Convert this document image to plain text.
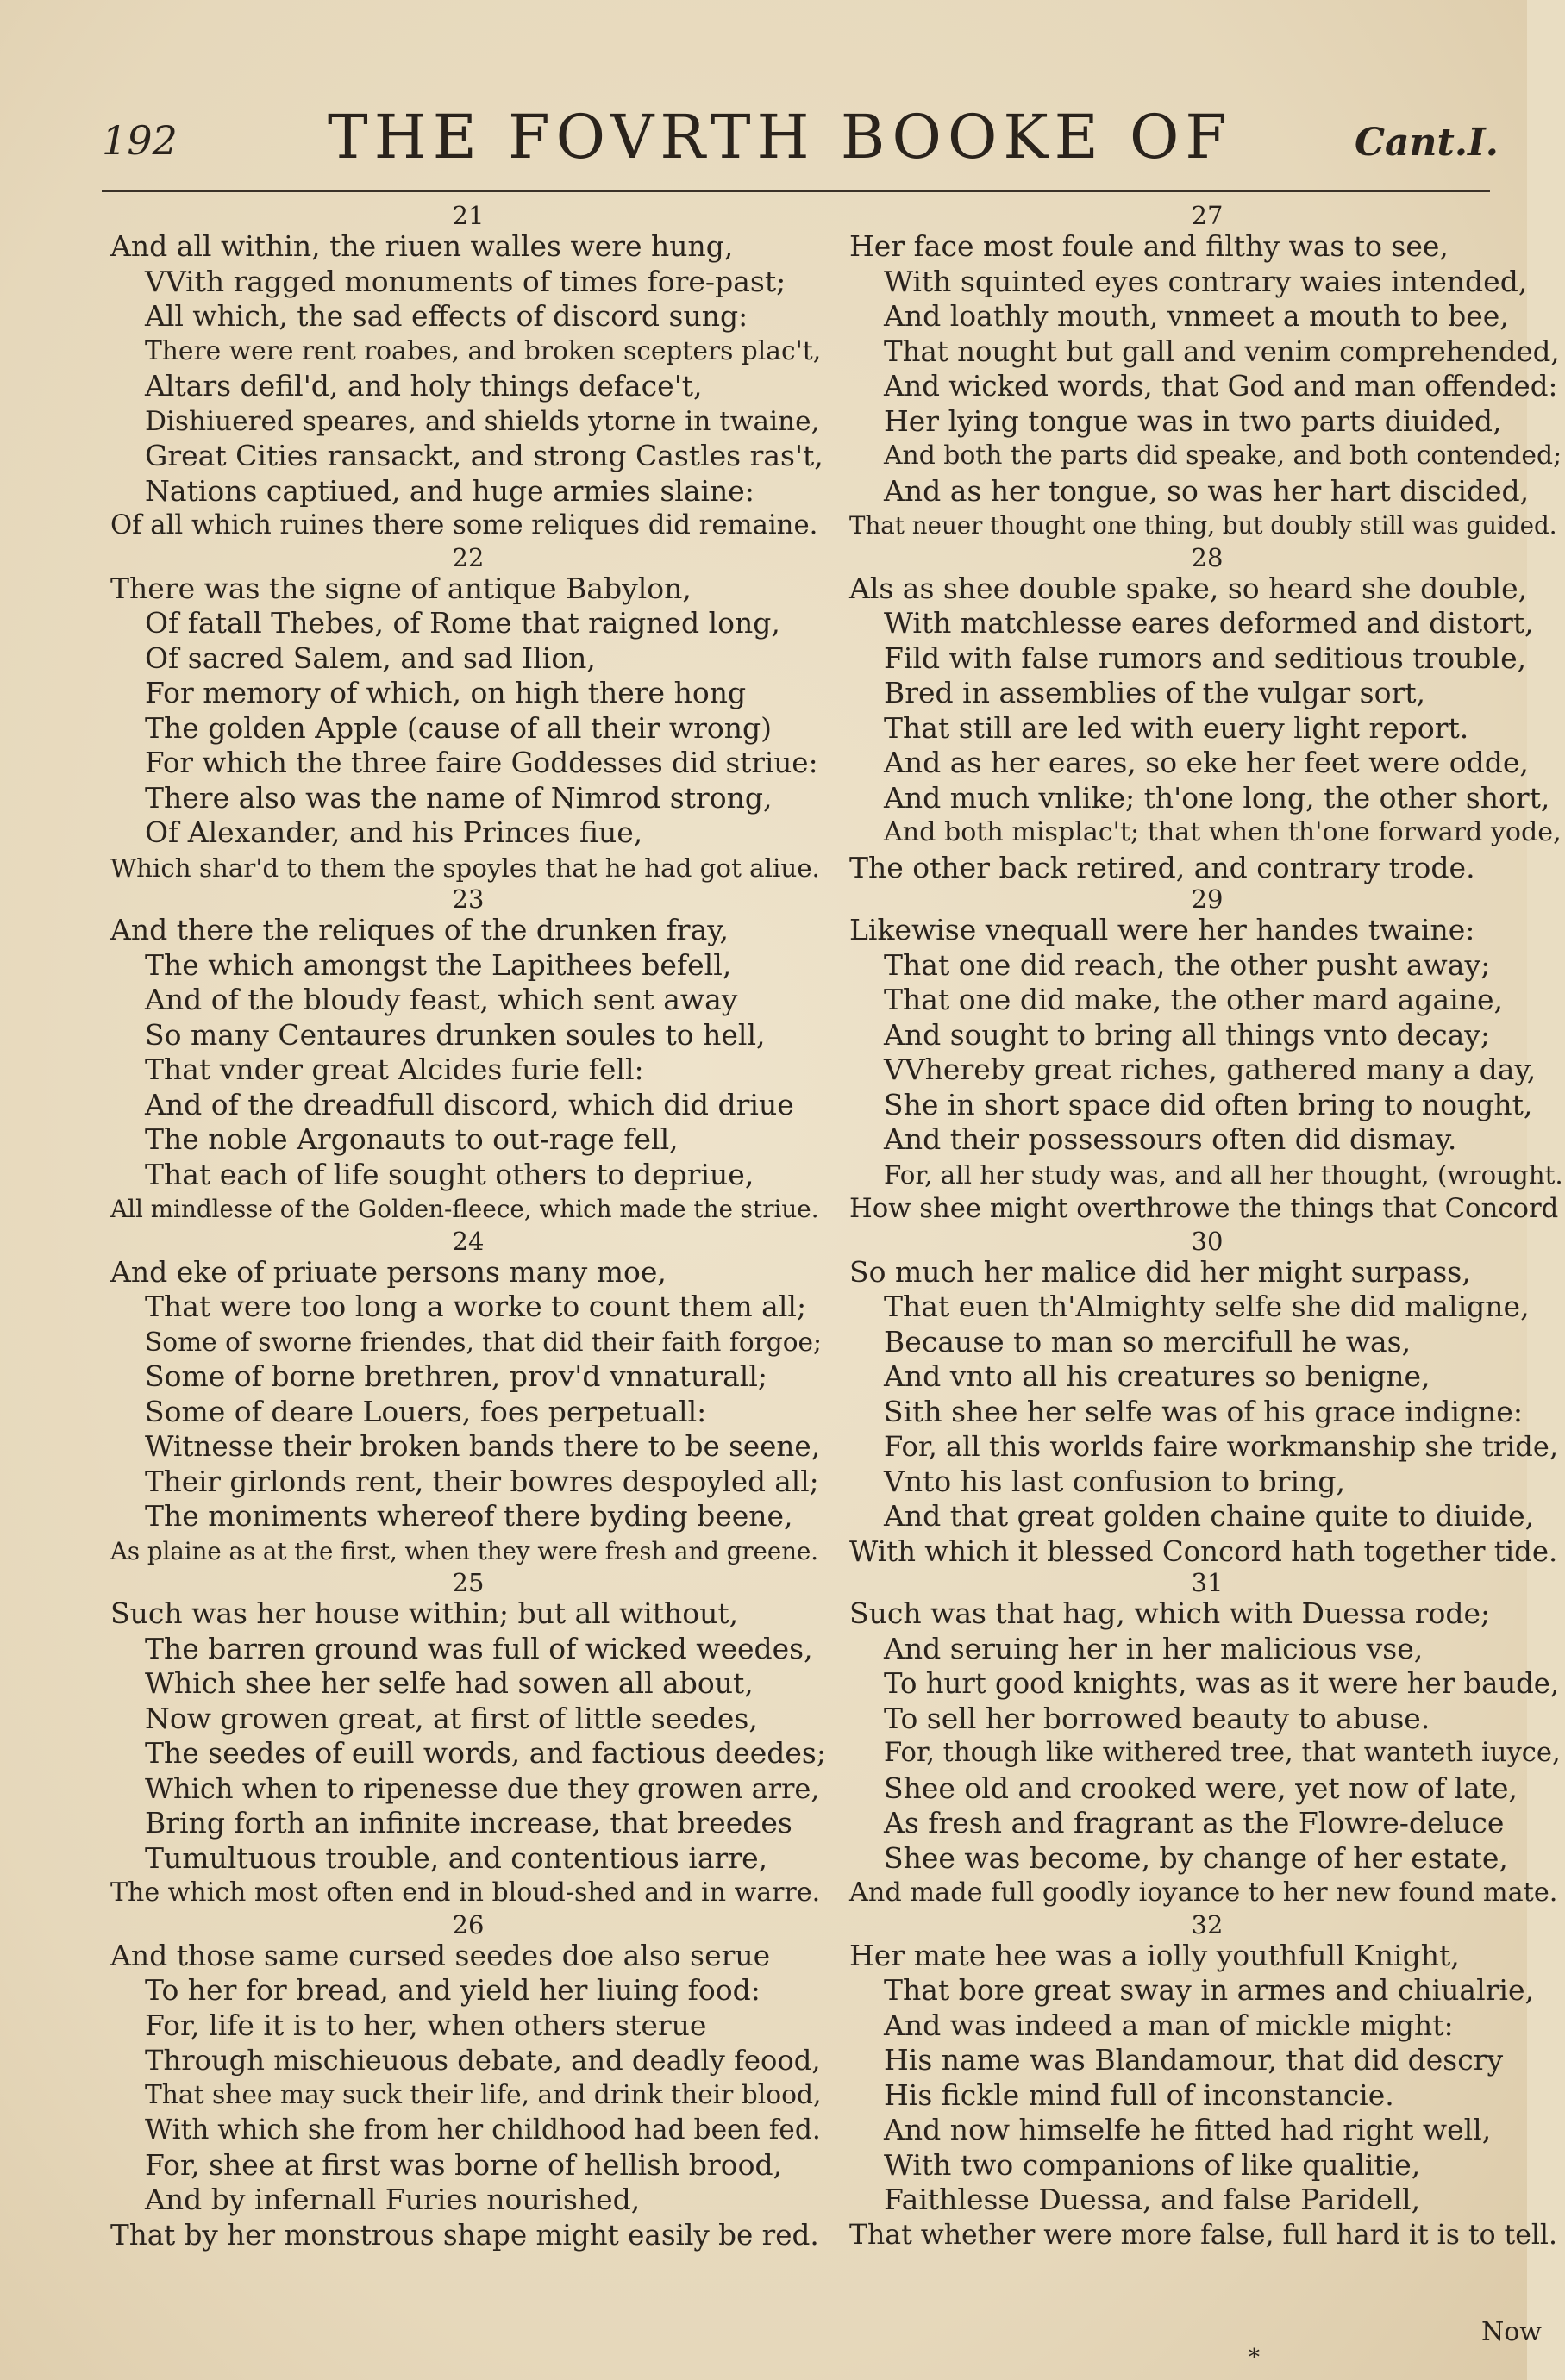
192 THE FOVRTH BOOKE OF	Cant.I.
21
And all within, the riuen walles were hung,
VVith ragged monuments of times fore-past;
All which, the sad effects of discord sung:
There were rent roabes, and broken scepters plac't,
Altars defil'd, and holy things deface't,
Dishiuered speares, and shields ytorne in twaine,
Great Cities ransackt, and strong Castles ras't,
Nations captiued, and huge armies slaine:
Of all which ruines there some reliques did remaine.
22
There was the signe of antique Babylon,
Of fatall Thebes, of Rome that raigned long,
Of sacred Salem, and sad Ilion,
For memory of which, on high there hong
The golden Apple (cause of all their wrong)
For which the three faire Goddesses did striue:
There also was the name of Nimrod strong,
Of Alexander, and his Princes fiue,
Which shar'd to them the spoyles that he had got aliue.
23
And there the reliques of the drunken fray,
The which amongst the Lapithees befell,
And of the bloudy feast, which sent away
So many Centaures drunken soules to hell,
That vnder great Alcides furie fell:
And of the dreadfull discord, which did driue
The noble Argonauts to out-rage fell,
That each of life sought others to depriue,
All mindlesse of the Golden-fleece, which made the striue.
24
And eke of priuate persons many moe,
That were too long a worke to count them all;
Some of sworne friendes, that did their faith forgoe;
Some of borne brethren, prov'd vnnaturall;
Some of deare Louers, foes perpetuall:
Witnesse their broken bands there to be seene,
Their girlonds rent, their bowres despoyled all;
The moniments whereof there byding beene,
As plaine as at the first, when they were fresh and greene.
25
Such was her house within; but all without,
The barren ground was full of wicked weedes,
Which shee her selfe had sowen all about,
Now growen great, at first of little seedes,
The seedes of euill words, and factious deedes;
Which when to ripenesse due they growen arre,
Bring forth an infinite increase, that breedes
Tumultuous trouble, and contentious iarre,
The which most often end in bloud-shed and in warre.
26
And those same cursed seedes doe also serue
To her for bread, and yield her liuing food:
For, life it is to her, when others sterue
Through mischieuous debate, and deadly feood,
That shee may suck their life, and drink their blood,
With which she from her childhood had been fed.
For, shee at first was borne of hellish brood,
And by infernall Furies nourished,
That by her monstrous shape might easily be red.
27
Her face most foule and filthy was to see,
With squinted eyes contrary waies intended,
And loathly mouth, vnmeet a mouth to bee,
That nought but gall and venim comprehended,
And wicked words, that God and man offended:
Her lying tongue was in two parts diuided,
And both the parts did speake, and both contended;
And as her tongue, so was her hart discided,
That neuer thought one thing, but doubly still was guided.
28
Als as shee double spake, so heard she double,
With matchlesse eares deformed and distort,
Fild with false rumors and seditious trouble,
Bred in assemblies of the vulgar sort,
That still are led with euery light report.
And as her eares, so eke her feet were odde,
And much vnlike; th'one long, the other short,
And both misplac't; that when th'one forward yode,
The other back retired, and contrary trode.
29
Likewise vnequall were her handes twaine:
That one did reach, the other pusht away;
That one did make, the other mard againe,
And sought to bring all things vnto decay;
VVhereby great riches, gathered many a day,
She in short space did often bring to nought,
And their possessours often did dismay.
For, all her study was, and all her thought, (wrought.
How shee might overthrowe the things that Concord
30
So much her malice did her might surpass,
That euen th'Almighty selfe she did maligne,
Because to man so mercifull he was,
And vnto all his creatures so benigne,
Sith shee her selfe was of his grace indigne:
For, all this worlds faire workmanship she tride,
Vnto his last confusion to bring,
And that great golden chaine quite to diuide,
With which it blessed Concord hath together tide.
31
Such was that hag, which with Duessa rode;
And seruing her in her malicious vse,
To hurt good knights, was as it were her baude,
To sell her borrowed beauty to abuse.
For, though like withered tree, that wanteth iuyce,
Shee old and crooked were, yet now of late,
As fresh and fragrant as the Flowre-deluce
Shee was become, by change of her estate,
And made full goodly ioyance to her new found mate.
32
Her mate hee was a iolly youthfull Knight,
That bore great sway in armes and chiualrie,
And was indeed a man of mickle might:
His name was Blandamour, that did descry
His fickle mind full of inconstancie.
And now himselfe he fitted had right well,
With two companions of like qualitie,
Faithlesse Duessa, and false Paridell,
That whether were more false, full hard it is to tell.
Now
*
